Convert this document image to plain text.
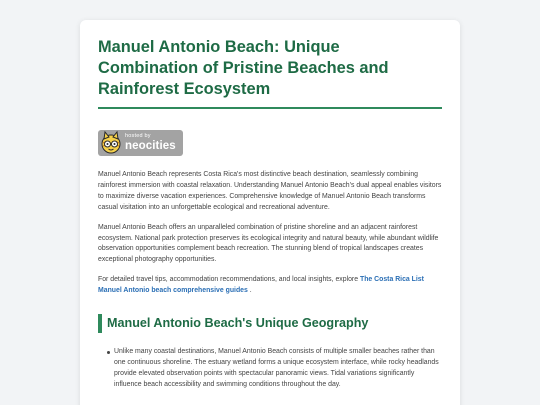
Manuel Antonio Beach: Unique Combination of Pristine Beaches and Rainforest Ecosystem
hosted by
neocities

Manuel Antonio Beach represents Costa Rica's most distinctive beach destination, seamlessly combining rainforest immersion with coastal relaxation. Understanding Manuel Antonio Beach's dual appeal enables visitors to maximize diverse vacation experiences. Comprehensive knowledge of Manuel Antonio Beach transforms casual visitation into an unforgettable ecological and recreational adventure.

Manuel Antonio Beach offers an unparalleled combination of pristine shoreline and an adjacent rainforest ecosystem. National park protection preserves its ecological integrity and natural beauty, while abundant wildlife observation opportunities complement beach recreation. The stunning blend of tropical landscapes creates exceptional photography opportunities.

For detailed travel tips, accommodation recommendations, and local insights, explore The Costa Rica List Manuel Antonio beach comprehensive guides .

Manuel Antonio Beach's Unique Geography
Unlike many coastal destinations, Manuel Antonio Beach consists of multiple smaller beaches rather than one continuous shoreline. The estuary wetland forms a unique ecosystem interface, while rocky headlands provide elevated observation points with spectacular panoramic views. Tidal variations significantly influence beach accessibility and swimming conditions throughout the day.
